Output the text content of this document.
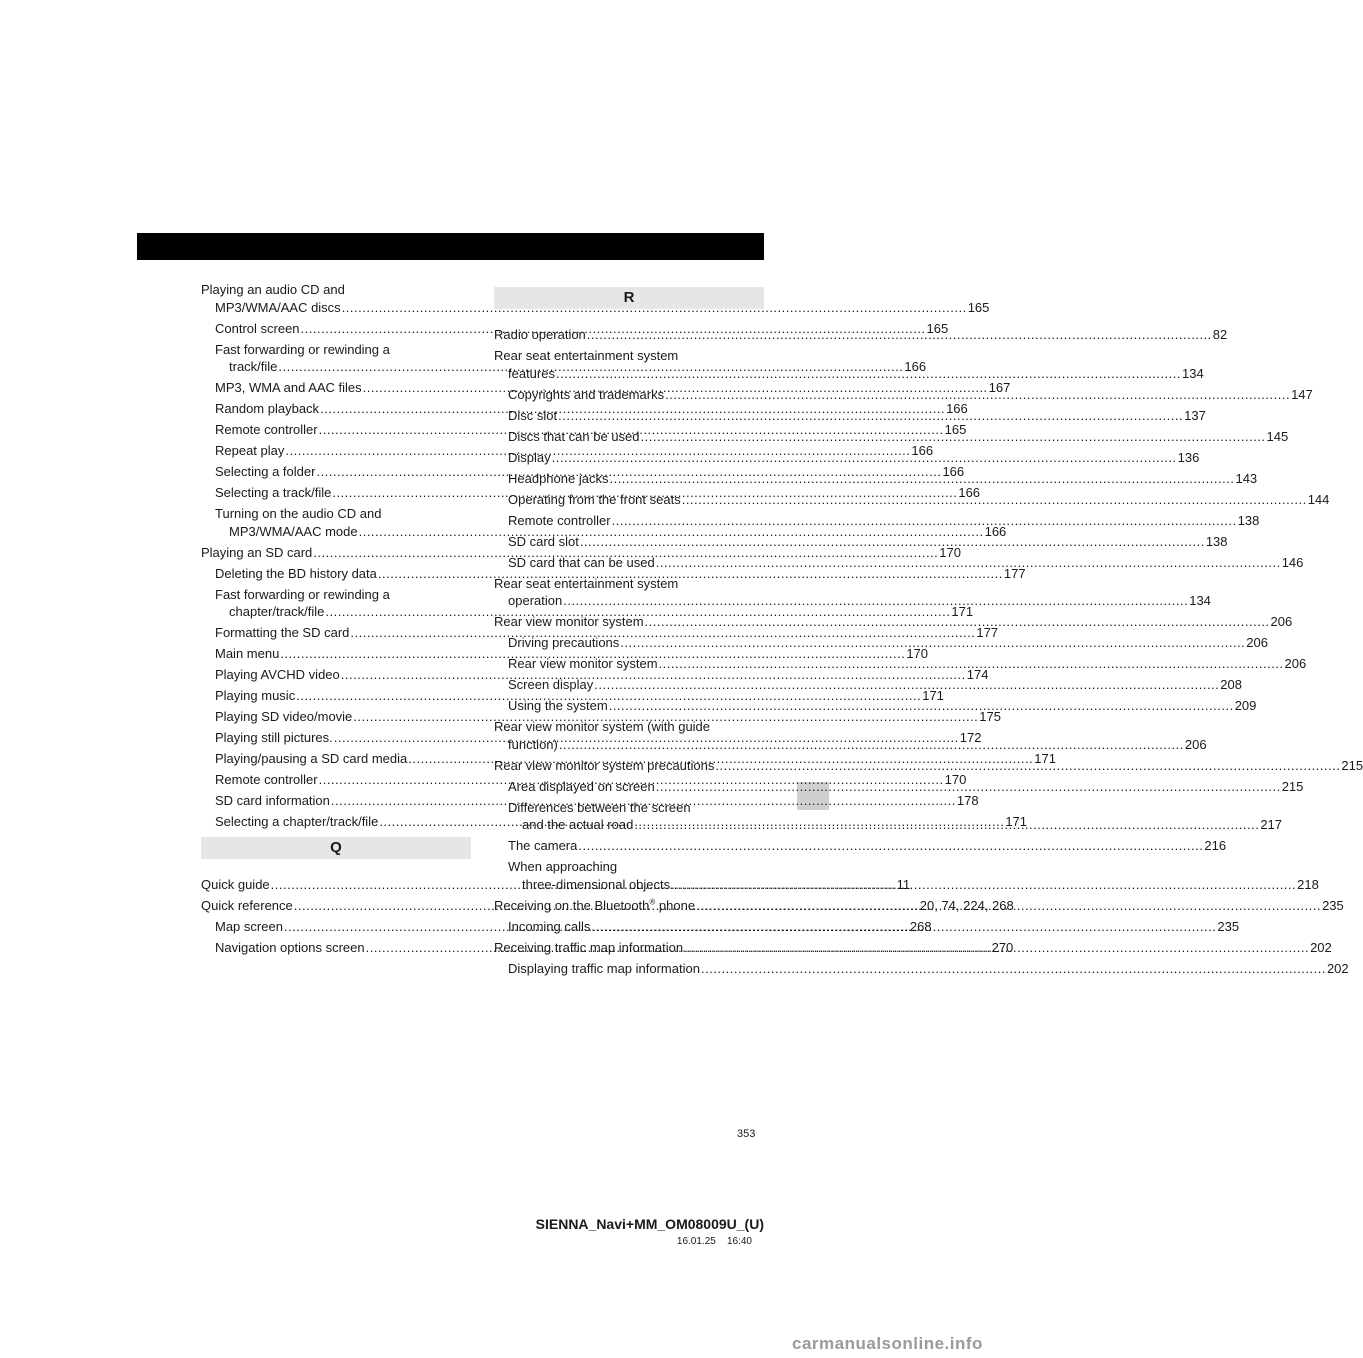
Playing an audio CD and
MP3/WMA/AAC discs .....	165
Control screen .....	165
Fast forwarding or rewinding a
track/file .....	166
MP3, WMA and AAC files .....	167
Random playback .....	166
Remote controller .....	165
Repeat play .....	166
Selecting a folder .....	166
Selecting a track/file .....	166
Turning on the audio CD and
MP3/WMA/AAC mode .....	166
Playing an SD card .....	170
Deleting the BD history data .....	177
Fast forwarding or rewinding a
chapter/track/file .....	171
Formatting the SD card .....	177
Main menu .....	170
Playing AVCHD video .....	174
Playing music .....	171
Playing SD video/movie .....	175
Playing still pictures. .....	172
Playing/pausing a SD card media .....	171
Remote controller .....	170
SD card information .....	178
Selecting a chapter/track/file .....	171
Q
Quick guide .....	11
Quick reference .....	20, 74, 224, 268
Map screen .....	268
Navigation options screen .....	270
R
Radio operation .....	82
Rear seat entertainment system
features .....	134
Copyrights and trademarks .....	147
Disc slot .....	137
Discs that can be used .....	145
Display .....	136
Headphone jacks .....	143
Operating from the front seats .....	144
Remote controller .....	138
SD card slot .....	138
SD card that can be used .....	146
Rear seat entertainment system
operation .....	134
Rear view monitor system .....	206
Driving precautions .....	206
Rear view monitor system .....	206
Screen display .....	208
Using the system .....	209
Rear view monitor system (with guide
function) .....	206
Rear view monitor system precautions .....	215
Area displayed on screen .....	215
Differences between the screen
and the actual road .....	217
The camera .....	216
When approaching
three-dimensional objects .....	218
Receiving on the Bluetooth® phone .....	235
Incoming calls .....	235
Receiving traffic map information .....	202
Displaying traffic map information .....	202
353
SIENNA_Navi+MM_OM08009U_(U)
16.01.25 16:40
carmanualsonline.info
